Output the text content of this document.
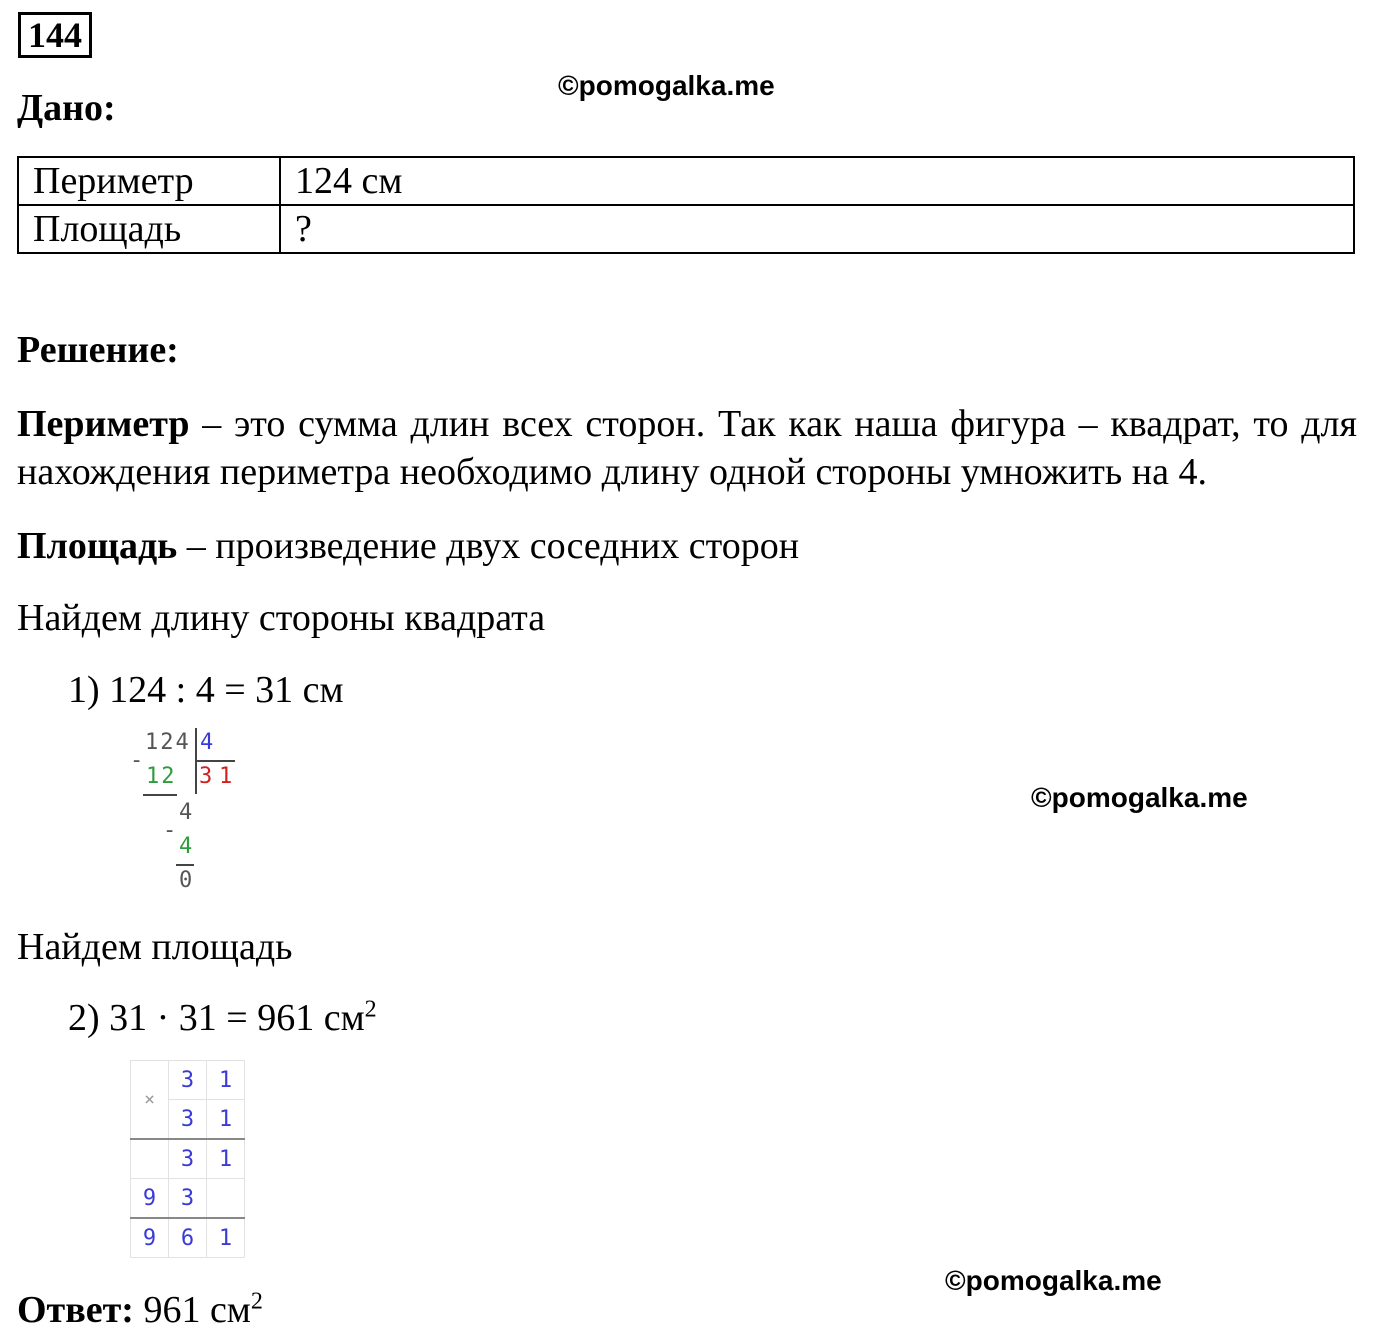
144
©pomogalka.me
Дано:
Периметр	124 см
Площадь	?
Решение:
Периметр – это сумма длин всех сторон. Так как наша фигура – квадрат, то для нахождения периметра необходимо длину одной стороны умножить на 4.
Площадь – произведение двух соседних сторон
Найдем длину стороны квадрата
1) 124 : 4 = 31 см
124 4
-
12 3 1
4
-
4
0
©pomogalka.me
Найдем площадь
2) 31 · 31 = 961 $см^2$
×	3	1
	3	1
	3	1
9	3	
9	6	1
©pomogalka.me
Ответ: 961 $см^2$
